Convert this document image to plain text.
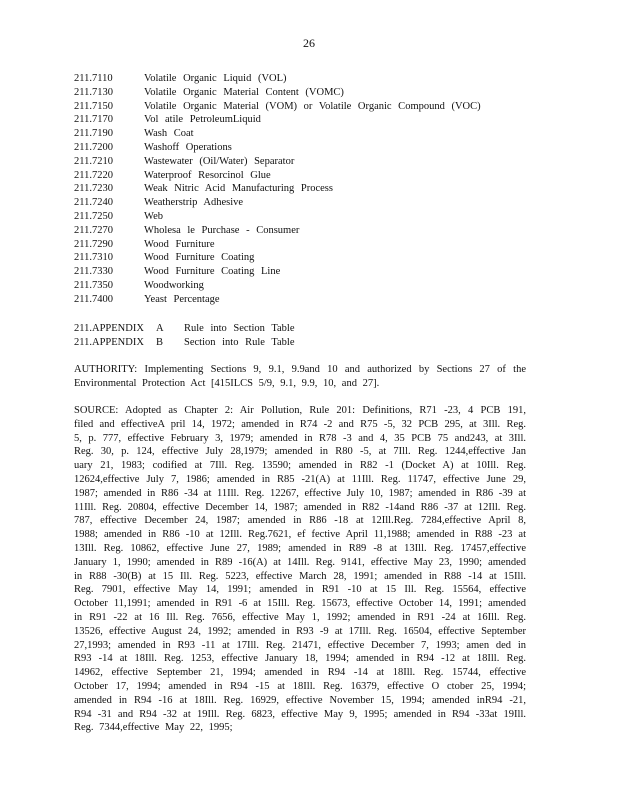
26
211.7110	Volatile Organic Liquid (VOL)
211.7130	Volatile Organic Material Content (VOMC)
211.7150	Volatile Organic Material (VOM) or Volatile Organic Compound (VOC)
211.7170	Vol atile PetroleumLiquid
211.7190	Wash Coat
211.7200	Washoff Operations
211.7210	Wastewater (Oil/Water) Separator
211.7220	Waterproof Resorcinol Glue
211.7230	Weak Nitric Acid Manufacturing Process
211.7240	Weatherstrip Adhesive
211.7250	Web
211.7270	Wholesa le Purchase - Consumer
211.7290	Wood Furniture
211.7310	Wood Furniture Coating
211.7330	Wood Furniture Coating Line
211.7350	Woodworking
211.7400	Yeast Percentage
211.APPENDIX	A	Rule into Section Table
211.APPENDIX	B	Section into Rule Table

AUTHORITY: Implementing Sections 9, 9.1, 9.9and 10 and authorized by Sections 27 of the Environmental Protection Act [415ILCS 5/9, 9.1, 9.9, 10, and 27].

SOURCE: Adopted as Chapter 2: Air Pollution, Rule 201: Definitions, R71 -23, 4 PCB 191, filed and effectiveA pril 14, 1972; amended in R74 -2 and R75 -5, 32 PCB 295, at 3Ill. Reg. 5, p. 777, effective February 3, 1979; amended in R78 -3 and 4, 35 PCB 75 and243, at 3Ill. Reg. 30, p. 124, effective July 28,1979; amended in R80 -5, at 7Ill. Reg. 1244,effective Jan uary 21, 1983; codified at 7Ill. Reg. 13590; amended in R82 -1 (Docket A) at 10Ill. Reg. 12624,effective July 7, 1986; amended in R85 -21(A) at 11Ill. Reg. 11747, effective June 29, 1987; amended in R86 -34 at 11Ill. Reg. 12267, effective July 10, 1987; amended in R86 -39 at 11Ill. Reg. 20804, effective December 14, 1987; amended in R82 -14and R86 -37 at 12Ill. Reg. 787, effective December 24, 1987; amended in R86 -18 at 12Ill.Reg. 7284,effective April 8, 1988; amended in R86 -10 at 12Ill. Reg.7621, ef fective April 11,1988; amended in R88 -23 at 13Ill. Reg. 10862, effective June 27, 1989; amended in R89 -8 at 13Ill. Reg. 17457,effective January 1, 1990; amended in R89 -16(A) at 14Ill. Reg. 9141, effective May 23, 1990; amended in R88 -30(B) at 15 Ill. Reg. 5223, effective March 28, 1991; amended in R88 -14 at 15Ill. Reg. 7901, effective May 14, 1991; amended in R91 -10 at 15 Ill. Reg. 15564, effective October 11,1991; amended in R91 -6 at 15Ill. Reg. 15673, effective October 14, 1991; amended in R91 -22 at 16 Ill. Reg. 7656, effective May 1, 1992; amended in R91 -24 at 16Ill. Reg. 13526, effective August 24, 1992; amended in R93 -9 at 17Ill. Reg. 16504, effective September 27,1993; amended in R93 -11 at 17Ill. Reg. 21471, effective December 7, 1993; amen ded in R93 -14 at 18Ill. Reg. 1253, effective January 18, 1994; amended in R94 -12 at 18Ill. Reg. 14962, effective September 21, 1994; amended in R94 -14 at 18Ill. Reg. 15744, effective October 17, 1994; amended in R94 -15 at 18Ill. Reg. 16379, effective O ctober 25, 1994; amended in R94 -16 at 18Ill. Reg. 16929, effective November 15, 1994; amended inR94 -21, R94 -31 and R94 -32 at 19Ill. Reg. 6823, effective May 9, 1995; amended in R94 -33at 19Ill. Reg. 7344,effective May 22, 1995;
